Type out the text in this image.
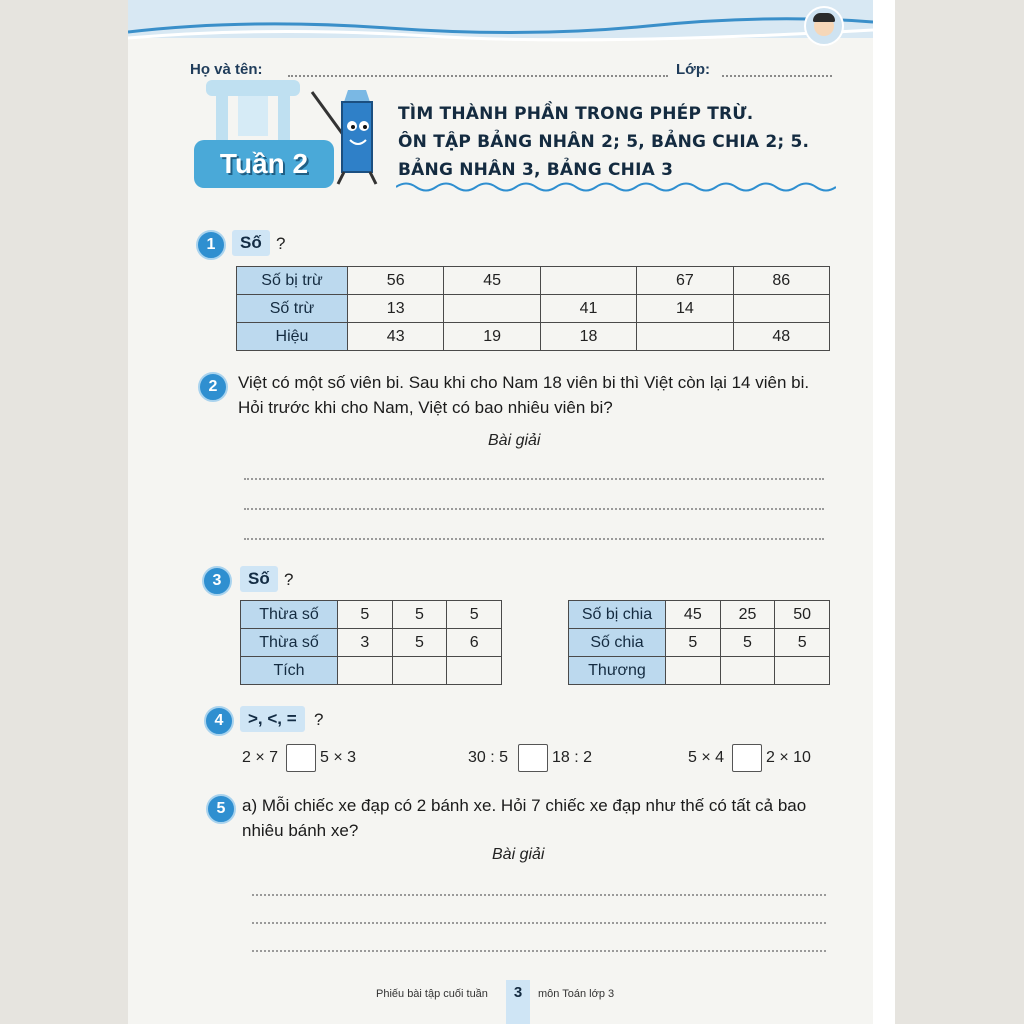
Họ và tên:	Lớp:
Tuần 2
TÌM THÀNH PHẦN TRONG PHÉP TRỪ.
ÔN TẬP BẢNG NHÂN 2; 5, BẢNG CHIA 2; 5.
BẢNG NHÂN 3, BẢNG CHIA 3
1	Số ?
Số bị trừ	56	45		67	86
Số trừ	13		41	14	
Hiệu	43	19	18		48
2	Việt có một số viên bi. Sau khi cho Nam 18 viên bi thì Việt còn lại 14 viên bi.
Hỏi trước khi cho Nam, Việt có bao nhiêu viên bi?
Bài giải
3	Số ?
Thừa số	5	5	5
Thừa số	3	5	6
Tích			
Số bị chia	45	25	50
Số chia	5	5	5
Thương			
4	>, <, =	?
2 × 7	5 × 3	30 : 5	18 : 2	5 × 4	2 × 10
5 a) Mỗi chiếc xe đạp có 2 bánh xe. Hỏi 7 chiếc xe đạp như thế có tất cả bao
nhiêu bánh xe?
Bài giải
Phiếu bài tập cuối tuần	3	môn Toán lớp 3
